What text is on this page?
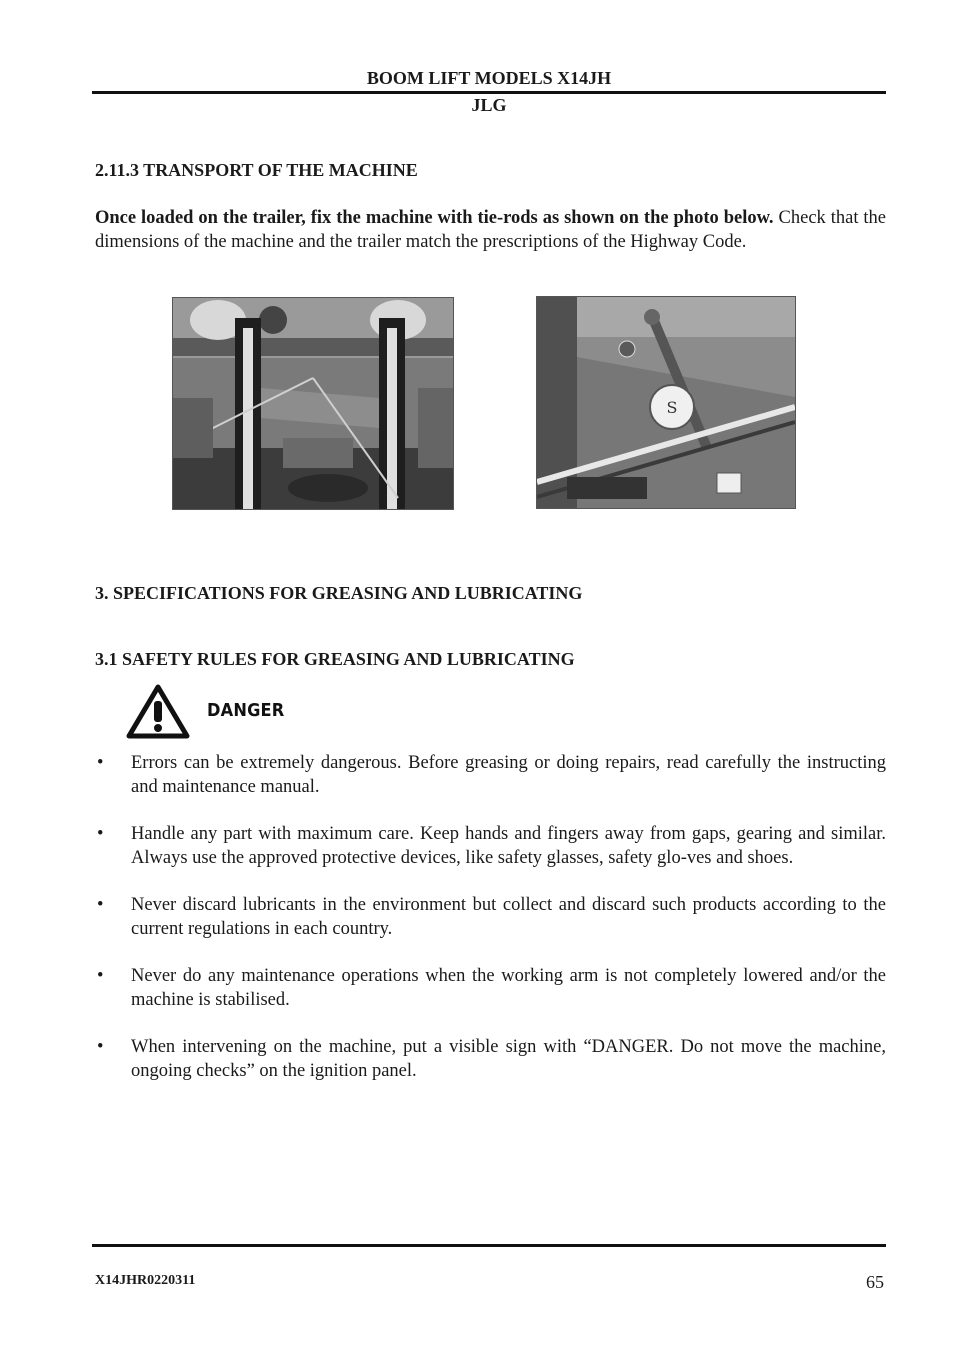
BOOM LIFT MODELS X14JH
JLG
2.11.3 TRANSPORT OF THE MACHINE
Once loaded on the trailer, fix the machine with tie-rods as shown on the photo below. Check that the dimensions of the machine and the trailer match the prescriptions of the Highway Code.
S
3. SPECIFICATIONS FOR GREASING AND LUBRICATING
3.1 SAFETY RULES FOR GREASING AND LUBRICATING
DANGER
• Errors can be extremely dangerous. Before greasing or doing repairs, read carefully the instructing and maintenance manual.
• Handle any part with maximum care. Keep hands and fingers away from gaps, gearing and similar. Always use the approved protective devices, like safety glasses, safety glo-ves and shoes.
• Never discard lubricants in the environment but collect and discard such products according to the current regulations in each country.
• Never do any maintenance operations when the working arm is not completely lowered and/or the machine is stabilised.
• When intervening on the machine, put a visible sign with “DANGER. Do not move the machine, ongoing checks” on the ignition panel.
X14JHR0220311	65
